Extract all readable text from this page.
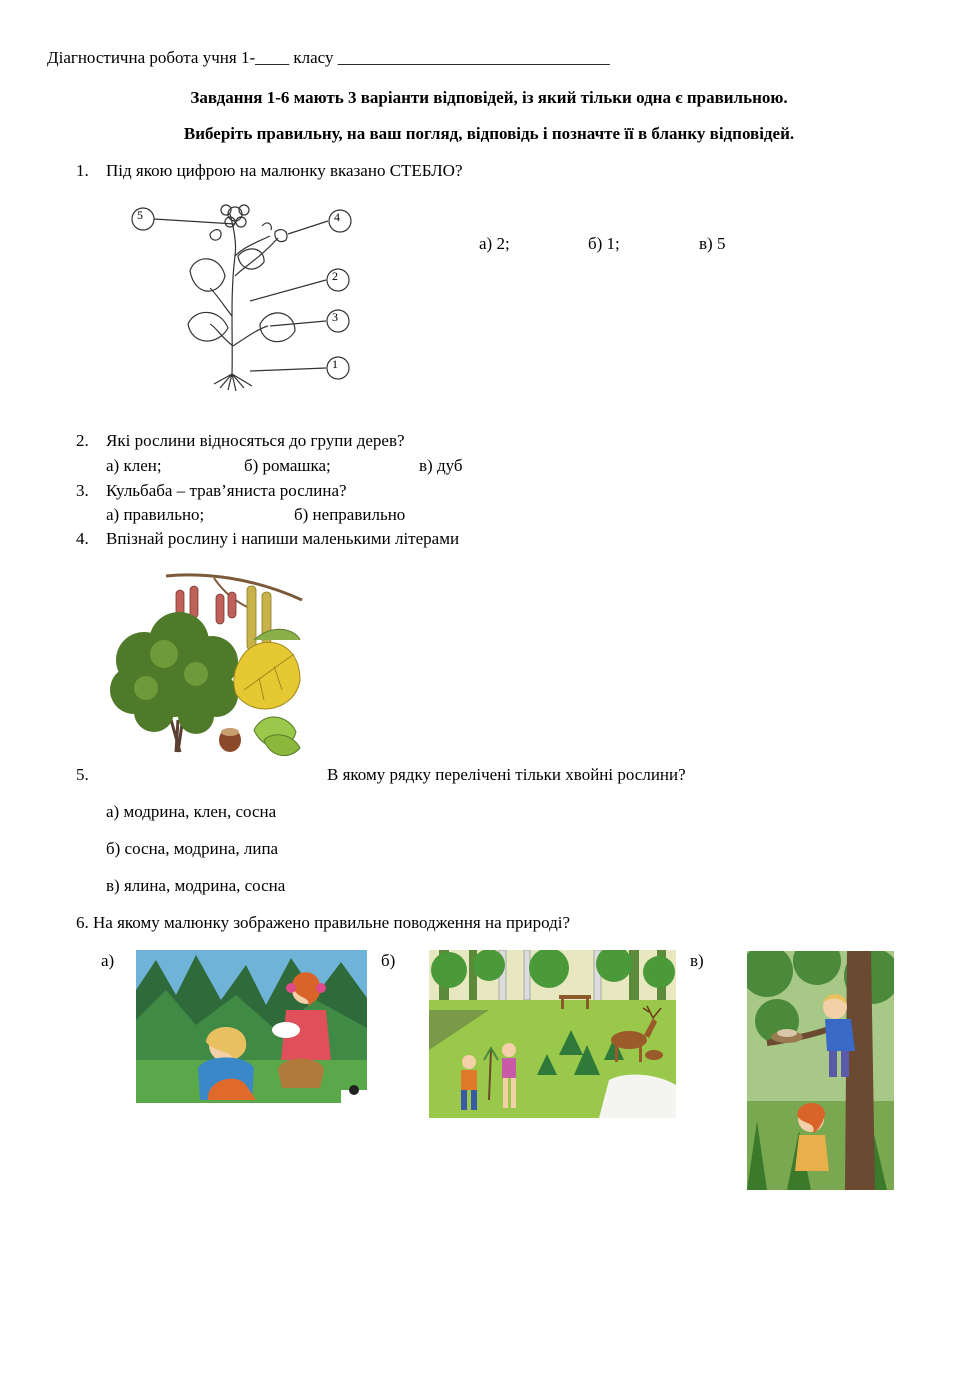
Діагностична робота учня 1-____ класу ________________________________
Завдання 1-6 мають 3 варіанти відповідей, із який тільки одна є правильною.
Виберіть правильну, на ваш погляд, відповідь і позначте її в бланку відповідей.
1. Під якою цифрою на малюнку вказано СТЕБЛО?
5	4
2
3
1
а) 2;	б) 1;	в) 5
2. Які рослини відносяться до групи дерев?
а) клен;	б) ромашка;	в) дуб
3. Кульбаба – трав’яниста рослина?
а) правильно;	б) неправильно
4. Впізнай рослину і напиши маленькими літерами
5.	В якому рядку перелічені тільки хвойні рослини?
а) модрина, клен, сосна
б) сосна, модрина, липа
в) ялина, модрина, сосна
6. На якому малюнку зображено правильне поводження на природі?
а)	б)	в)
